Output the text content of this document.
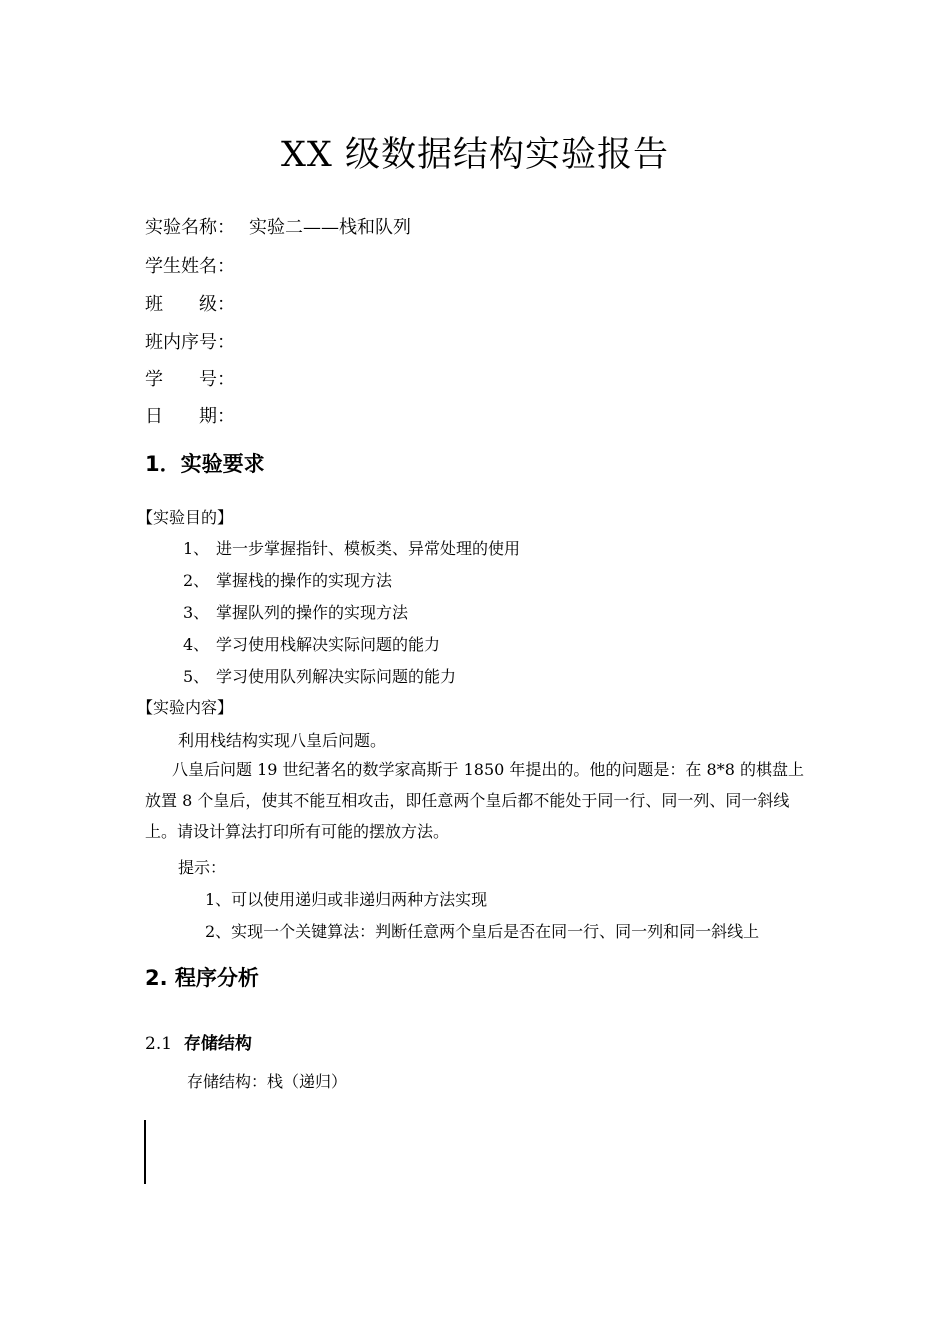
XX 级数据结构实验报告
实验名称： 实验二——栈和队列
学生姓名：
班　　级：
班内序号：
学　　号：
日　　期：
1．实验要求
【实验目的】
1、 进一步掌握指针、模板类、异常处理的使用
2、 掌握栈的操作的实现方法
3、 掌握队列的操作的实现方法
4、 学习使用栈解决实际问题的能力
5、 学习使用队列解决实际问题的能力
【实验内容】
利用栈结构实现八皇后问题。
八皇后问题 19 世纪著名的数学家高斯于 1850 年提出的。他的问题是：在 8*8 的棋盘上放置 8 个皇后，使其不能互相攻击，即任意两个皇后都不能处于同一行、同一列、同一斜线上。请设计算法打印所有可能的摆放方法。
提示：
1、可以使用递归或非递归两种方法实现
2、实现一个关键算法：判断任意两个皇后是否在同一行、同一列和同一斜线上
2. 程序分析
2.1 存储结构
存储结构：栈（递归）
